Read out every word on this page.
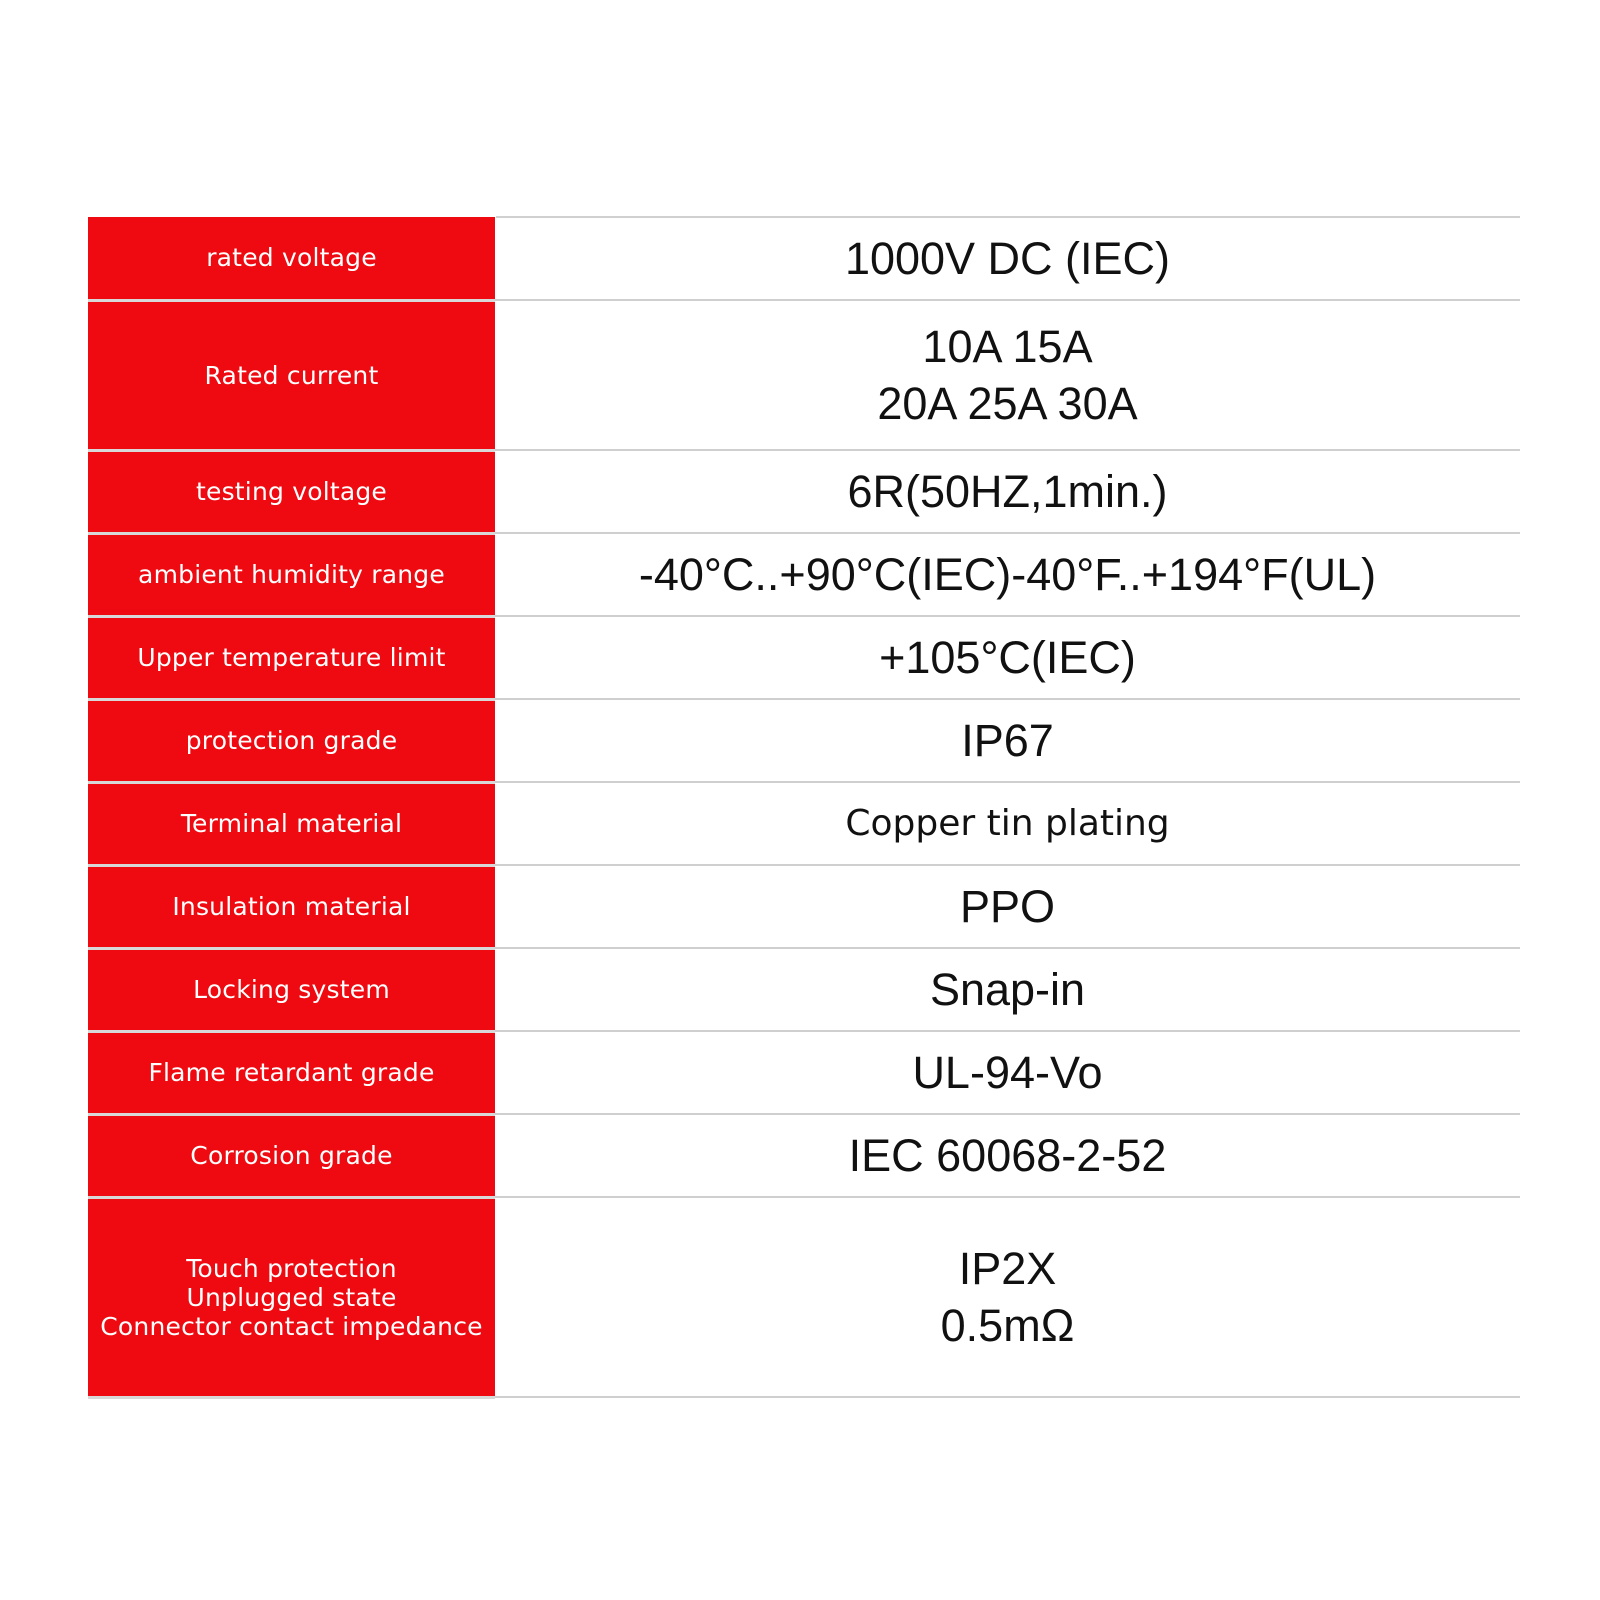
rated voltage	1000V DC (IEC)

Rated current	10A 15A
20A 25A 30A

testing voltage	6R(50HZ,1min.)

ambient humidity range	-40°C..+90°C(IEC)-40°F..+194°F(UL)

Upper temperature limit	+105°C(IEC)

protection grade	IP67

Terminal material	Copper tin plating

Insulation material	PPO

Locking system	Snap-in

Flame retardant grade	UL-94-Vo

Corrosion grade	IEC 60068-2-52

Touch protection
Unplugged state
Connector contact impedance	IP2X
0.5mΩ
